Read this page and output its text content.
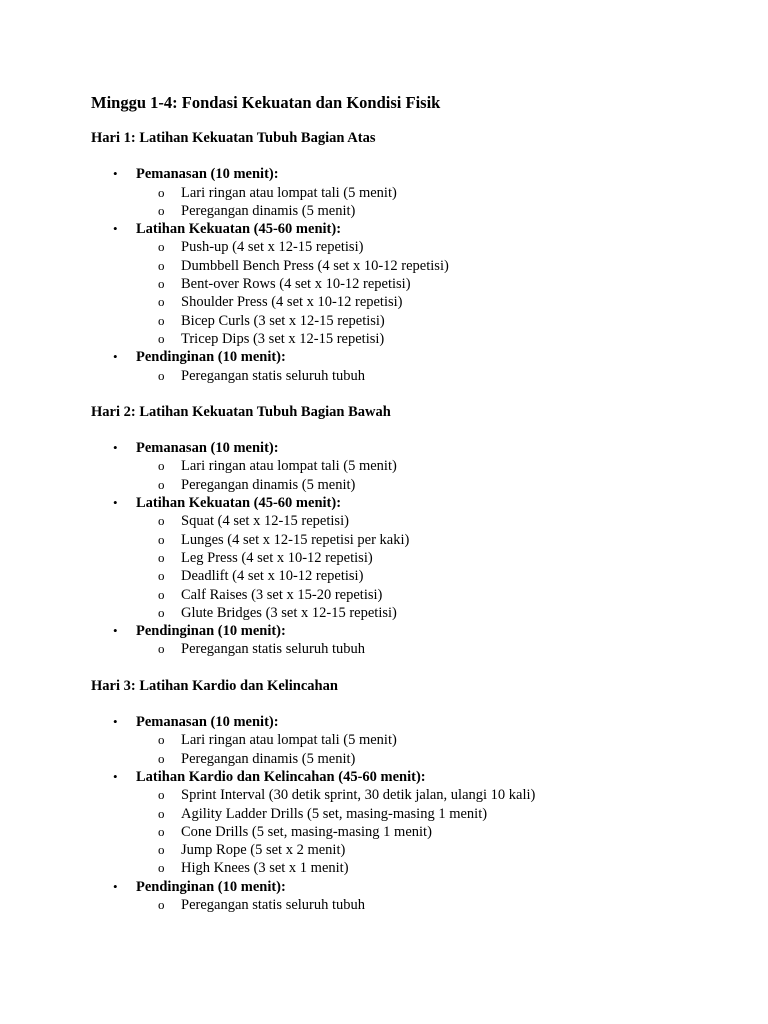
Minggu 1-4: Fondasi Kekuatan dan Kondisi Fisik
Hari 1: Latihan Kekuatan Tubuh Bagian Atas
• Pemanasan (10 menit):
o Lari ringan atau lompat tali (5 menit)
o Peregangan dinamis (5 menit)
• Latihan Kekuatan (45-60 menit):
o Push-up (4 set x 12-15 repetisi)
o Dumbbell Bench Press (4 set x 10-12 repetisi)
o Bent-over Rows (4 set x 10-12 repetisi)
o Shoulder Press (4 set x 10-12 repetisi)
o Bicep Curls (3 set x 12-15 repetisi)
o Tricep Dips (3 set x 12-15 repetisi)
• Pendinginan (10 menit):
o Peregangan statis seluruh tubuh
Hari 2: Latihan Kekuatan Tubuh Bagian Bawah
• Pemanasan (10 menit):
o Lari ringan atau lompat tali (5 menit)
o Peregangan dinamis (5 menit)
• Latihan Kekuatan (45-60 menit):
o Squat (4 set x 12-15 repetisi)
o Lunges (4 set x 12-15 repetisi per kaki)
o Leg Press (4 set x 10-12 repetisi)
o Deadlift (4 set x 10-12 repetisi)
o Calf Raises (3 set x 15-20 repetisi)
o Glute Bridges (3 set x 12-15 repetisi)
• Pendinginan (10 menit):
o Peregangan statis seluruh tubuh
Hari 3: Latihan Kardio dan Kelincahan
• Pemanasan (10 menit):
o Lari ringan atau lompat tali (5 menit)
o Peregangan dinamis (5 menit)
• Latihan Kardio dan Kelincahan (45-60 menit):
o Sprint Interval (30 detik sprint, 30 detik jalan, ulangi 10 kali)
o Agility Ladder Drills (5 set, masing-masing 1 menit)
o Cone Drills (5 set, masing-masing 1 menit)
o Jump Rope (5 set x 2 menit)
o High Knees (3 set x 1 menit)
• Pendinginan (10 menit):
o Peregangan statis seluruh tubuh
